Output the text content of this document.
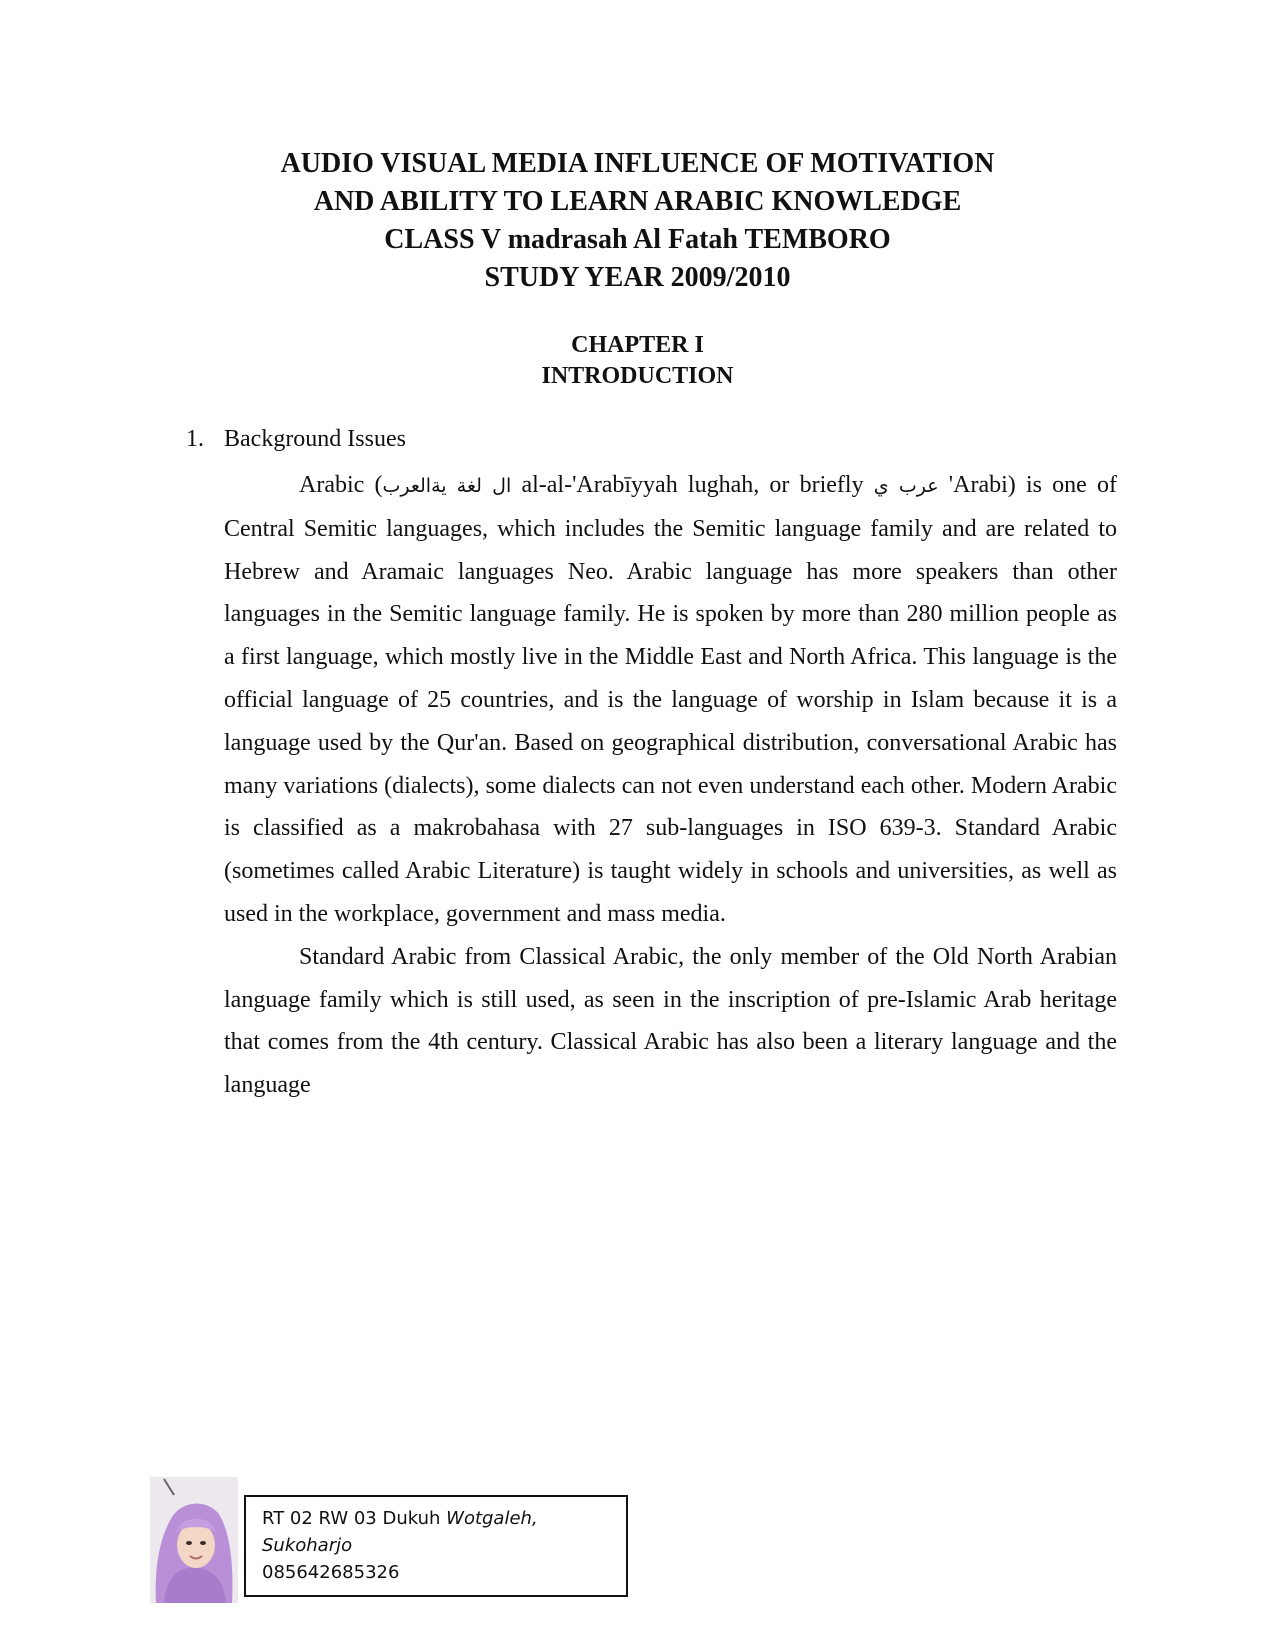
AUDIO VISUAL MEDIA INFLUENCE OF MOTIVATION
AND ABILITY TO LEARN ARABIC KNOWLEDGE
CLASS V madrasah Al Fatah TEMBORO
STUDY YEAR 2009/2010
CHAPTER I
INTRODUCTION
1. Background Issues

Arabic (ال لغة يةالعرب al-al-'Arabīyyah lughah, or briefly عرب ي 'Arabi) is one of Central Semitic languages, which includes the Semitic language family and are related to Hebrew and Aramaic languages Neo. Arabic language has more speakers than other languages in the Semitic language family. He is spoken by more than 280 million people as a first language, which mostly live in the Middle East and North Africa. This language is the official language of 25 countries, and is the language of worship in Islam because it is a language used by the Qur'an. Based on geographical distribution, conversational Arabic has many variations (dialects), some dialects can not even understand each other. Modern Arabic is classified as a makrobahasa with 27 sub-languages in ISO 639-3. Standard Arabic (sometimes called Arabic Literature) is taught widely in schools and universities, as well as used in the workplace, government and mass media.

Standard Arabic from Classical Arabic, the only member of the Old North Arabian language family which is still used, as seen in the inscription of pre-Islamic Arab heritage that comes from the 4th century. Classical Arabic has also been a literary language and the language

RT 02 RW 03 Dukuh Wotgaleh,
Sukoharjo
085642685326
